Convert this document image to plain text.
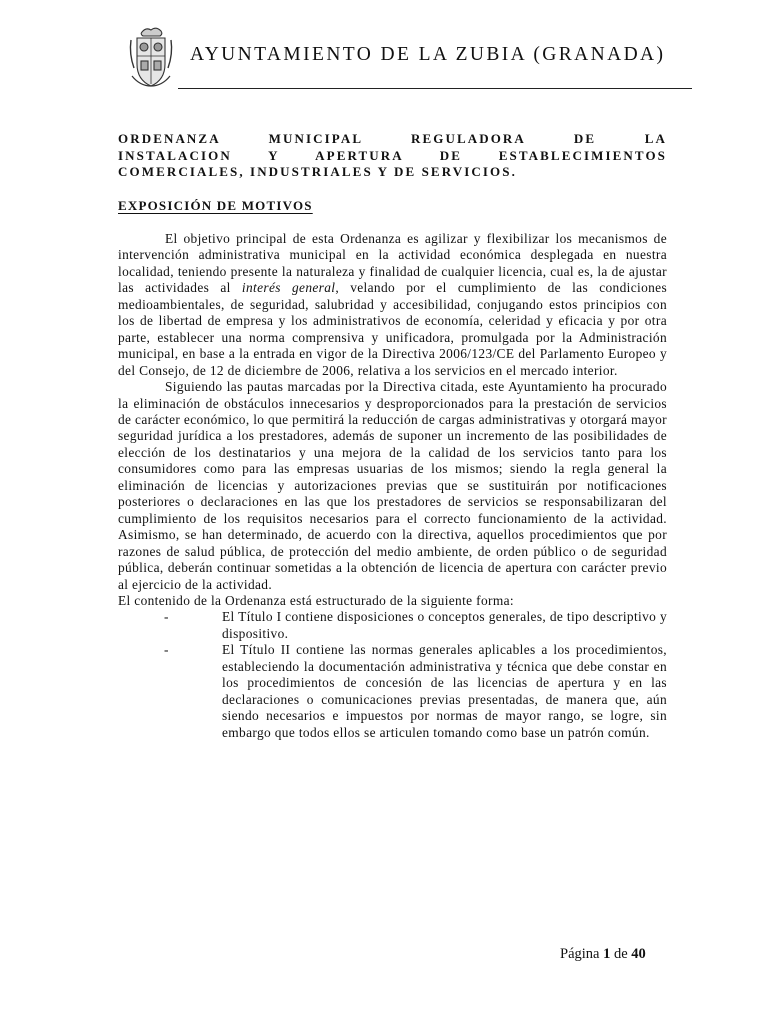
AYUNTAMIENTO DE LA ZUBIA (GRANADA)
ORDENANZA MUNICIPAL REGULADORA DE LA
INSTALACION Y APERTURA DE ESTABLECIMIENTOS
COMERCIALES, INDUSTRIALES Y DE SERVICIOS.
EXPOSICIÓN DE MOTIVOS

El objetivo principal de esta Ordenanza es agilizar y flexibilizar los mecanismos de intervención administrativa municipal en la actividad económica desplegada en nuestra localidad, teniendo presente la naturaleza y finalidad de cualquier licencia, cual es, la de ajustar las actividades al interés general, velando por el cumplimiento de las condiciones medioambientales, de seguridad, salubridad y accesibilidad, conjugando estos principios con los de libertad de empresa y los administrativos de economía, celeridad y eficacia y por otra parte, establecer una norma comprensiva y unificadora, promulgada por la Administración municipal, en base a la entrada en vigor de la Directiva 2006/123/CE del Parlamento Europeo y del Consejo, de 12 de diciembre de 2006, relativa a los servicios en el mercado interior.

Siguiendo las pautas marcadas por la Directiva citada, este Ayuntamiento ha procurado la eliminación de obstáculos innecesarios y desproporcionados para la prestación de servicios de carácter económico, lo que permitirá la reducción de cargas administrativas y otorgará mayor seguridad jurídica a los prestadores, además de suponer un incremento de las posibilidades de elección de los destinatarios y una mejora de la calidad de los servicios tanto para los consumidores como para las empresas usuarias de los mismos; siendo la regla general la eliminación de licencias y autorizaciones previas que se sustituirán por notificaciones posteriores o declaraciones en las que los prestadores de servicios se responsabilizaran del cumplimiento de los requisitos necesarios para el correcto funcionamiento de la actividad. Asimismo, se han determinado, de acuerdo con la directiva, aquellos procedimientos que por razones de salud pública, de protección del medio ambiente, de orden público o de seguridad pública, deberán continuar sometidas a la obtención de licencia de apertura con carácter previo al ejercicio de la actividad.

El contenido de la Ordenanza está estructurado de la siguiente forma:

-	El Título I contiene disposiciones o conceptos generales, de tipo descriptivo y dispositivo.
-	El Título II contiene las normas generales aplicables a los procedimientos, estableciendo la documentación administrativa y técnica que debe constar en los procedimientos de concesión de las licencias de apertura y en las declaraciones o comunicaciones previas presentadas, de manera que, aún siendo necesarios e impuestos por normas de mayor rango, se logre, sin embargo que todos ellos se articulen tomando como base un patrón común.
Página 1 de 40
